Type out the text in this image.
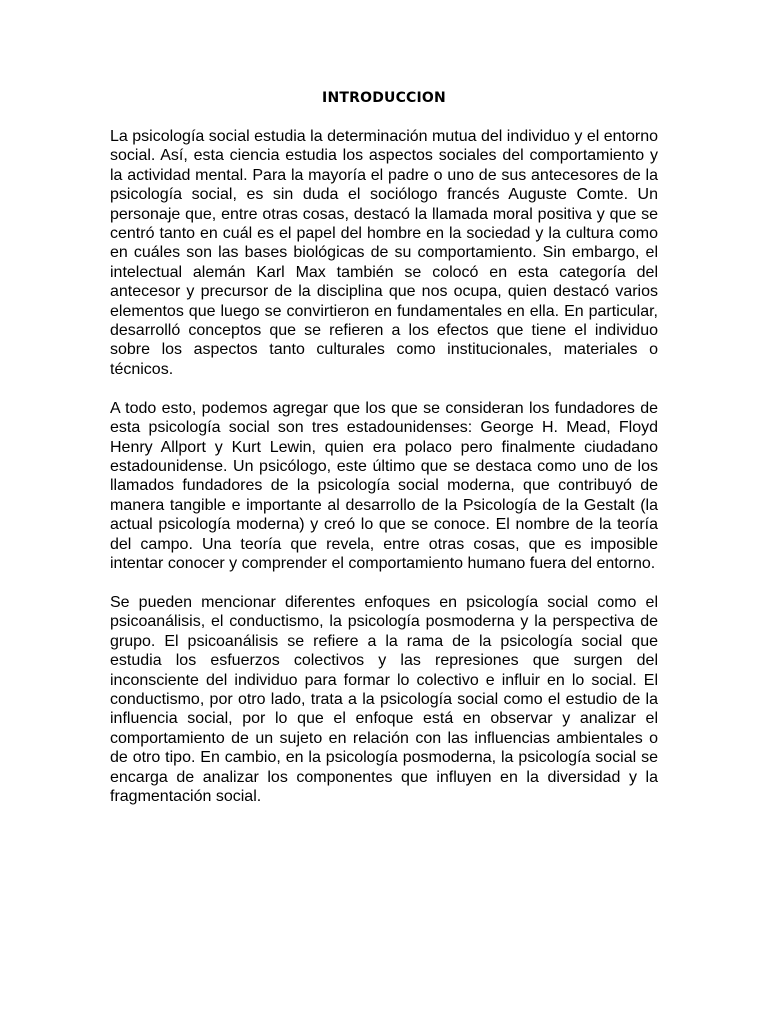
INTRODUCCION

La psicología social estudia la determinación mutua del individuo y el entorno social. Así, esta ciencia estudia los aspectos sociales del comportamiento y la actividad mental. Para la mayoría el padre o uno de sus antecesores de la psicología social, es sin duda el sociólogo francés Auguste Comte. Un personaje que, entre otras cosas, destacó la llamada moral positiva y que se centró tanto en cuál es el papel del hombre en la sociedad y la cultura como en cuáles son las bases biológicas de su comportamiento. Sin embargo, el intelectual alemán Karl Max también se colocó en esta categoría del antecesor y precursor de la disciplina que nos ocupa, quien destacó varios elementos que luego se convirtieron en fundamentales en ella. En particular, desarrolló conceptos que se refieren a los efectos que tiene el individuo sobre los aspectos tanto culturales como institucionales, materiales o técnicos.

A todo esto, podemos agregar que los que se consideran los fundadores de esta psicología social son tres estadounidenses: George H. Mead, Floyd Henry Allport y Kurt Lewin, quien era polaco pero finalmente ciudadano estadounidense. Un psicólogo, este último que se destaca como uno de los llamados fundadores de la psicología social moderna, que contribuyó de manera tangible e importante al desarrollo de la Psicología de la Gestalt (la actual psicología moderna) y creó lo que se conoce. El nombre de la teoría del campo. Una teoría que revela, entre otras cosas, que es imposible intentar conocer y comprender el comportamiento humano fuera del entorno.

Se pueden mencionar diferentes enfoques en psicología social como el psicoanálisis, el conductismo, la psicología posmoderna y la perspectiva de grupo. El psicoanálisis se refiere a la rama de la psicología social que estudia los esfuerzos colectivos y las represiones que surgen del inconsciente del individuo para formar lo colectivo e influir en lo social. El conductismo, por otro lado, trata a la psicología social como el estudio de la influencia social, por lo que el enfoque está en observar y analizar el comportamiento de un sujeto en relación con las influencias ambientales o de otro tipo. En cambio, en la psicología posmoderna, la psicología social se encarga de analizar los componentes que influyen en la diversidad y la fragmentación social.
